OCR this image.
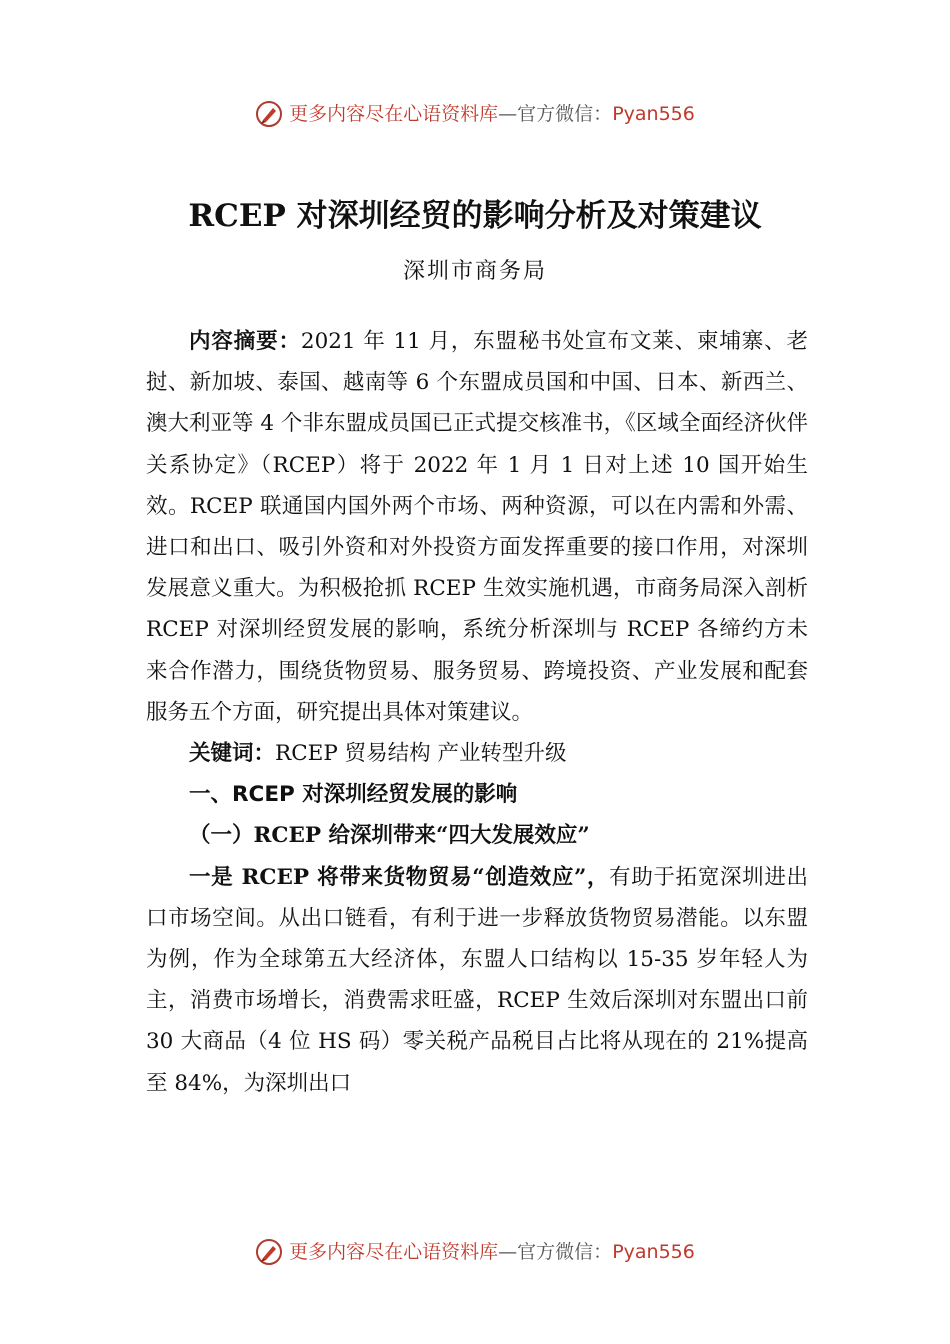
更多内容尽在心语资料库—官方微信：Pyan556
RCEP 对深圳经贸的影响分析及对策建议
深圳市商务局

内容摘要：2021 年 11 月，东盟秘书处宣布文莱、柬埔寨、老挝、新加坡、泰国、越南等 6 个东盟成员国和中国、日本、新西兰、澳大利亚等 4 个非东盟成员国已正式提交核准书，《区域全面经济伙伴关系协定》（RCEP）将于 2022 年 1 月 1 日对上述 10 国开始生效。RCEP 联通国内国外两个市场、两种资源，可以在内需和外需、进口和出口、吸引外资和对外投资方面发挥重要的接口作用，对深圳发展意义重大。为积极抢抓 RCEP 生效实施机遇，市商务局深入剖析 RCEP 对深圳经贸发展的影响，系统分析深圳与 RCEP 各缔约方未来合作潜力，围绕货物贸易、服务贸易、跨境投资、产业发展和配套服务五个方面，研究提出具体对策建议。

关键词：RCEP 贸易结构 产业转型升级

一、RCEP 对深圳经贸发展的影响

（一）RCEP 给深圳带来“四大发展效应”

一是 RCEP 将带来货物贸易“创造效应”，有助于拓宽深圳进出口市场空间。从出口链看，有利于进一步释放货物贸易潜能。以东盟为例，作为全球第五大经济体，东盟人口结构以 15-35 岁年轻人为主，消费市场增长，消费需求旺盛，RCEP 生效后深圳对东盟出口前 30 大商品（4 位 HS 码）零关税产品税目占比将从现在的 21%提高至 84%，为深圳出口

更多内容尽在心语资料库—官方微信：Pyan556
